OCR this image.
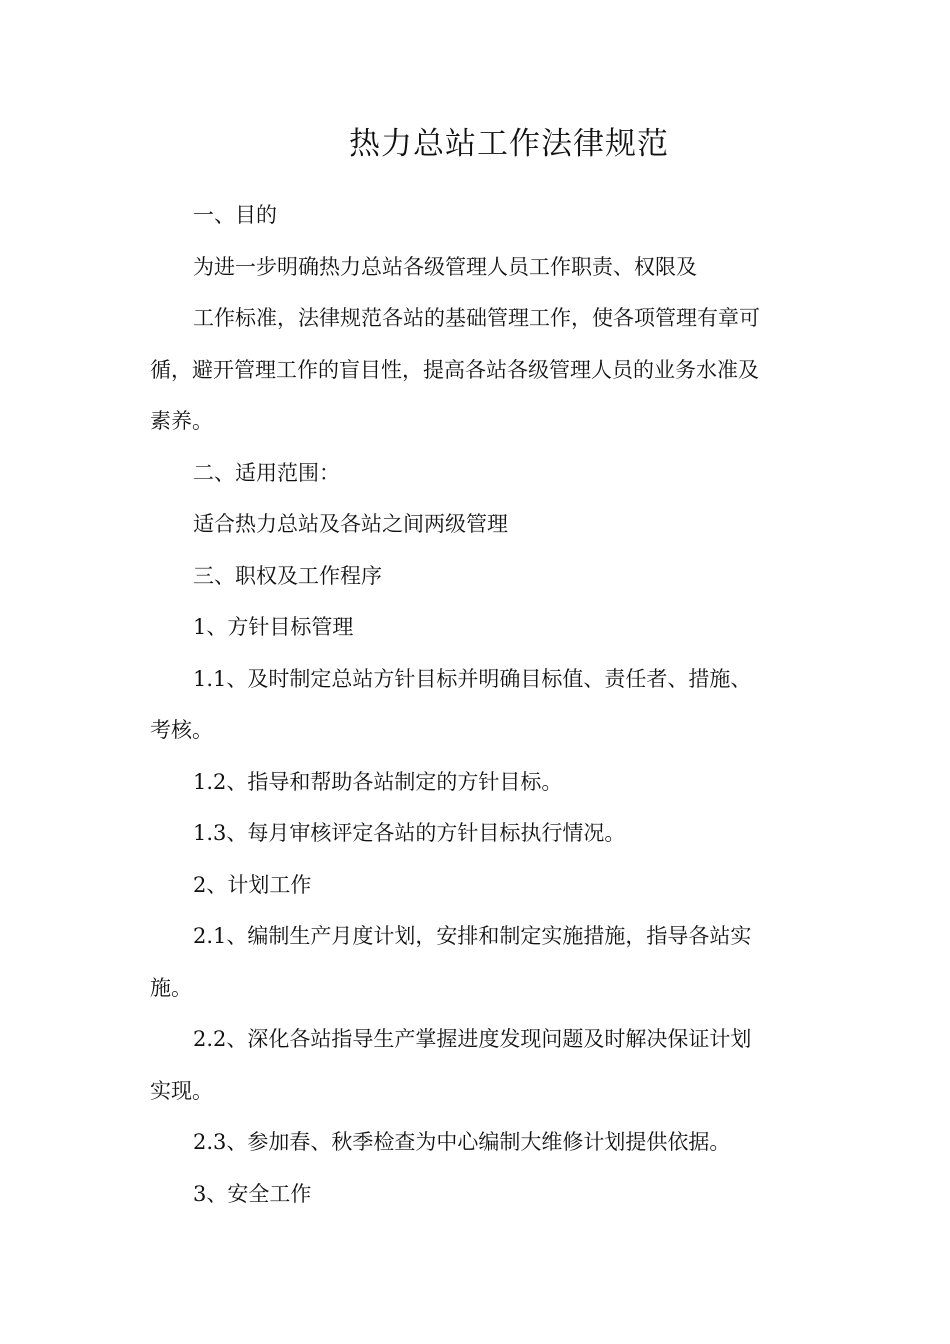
热力总站工作法律规范

一、目的

为进一步明确热力总站各级管理人员工作职责、权限及

工作标准，法律规范各站的基础管理工作，使各项管理有章可
循，避开管理工作的盲目性，提高各站各级管理人员的业务水准及
素养。

二、适用范围：

适合热力总站及各站之间两级管理

三、职权及工作程序

1、方针目标管理

1.1、及时制定总站方针目标并明确目标值、责任者、措施、
考核。

1.2、指导和帮助各站制定的方针目标。

1.3、每月审核评定各站的方针目标执行情况。

2、计划工作

2.1、编制生产月度计划，安排和制定实施措施，指导各站实
施。

2.2、深化各站指导生产掌握进度发现问题及时解决保证计划
实现。

2.3、参加春、秋季检查为中心编制大维修计划提供依据。

3、安全工作
